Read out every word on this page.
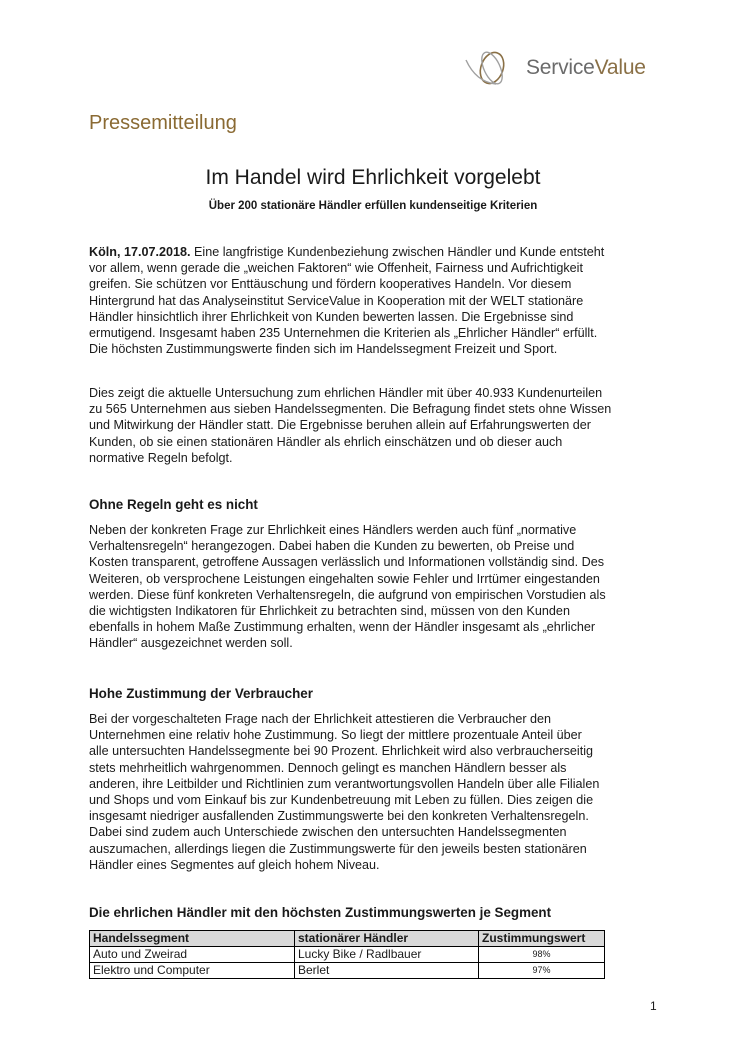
ServiceValue
Pressemitteilung
Im Handel wird Ehrlichkeit vorgelebt
Über 200 stationäre Händler erfüllen kundenseitige Kriterien
Köln, 17.07.2018. Eine langfristige Kundenbeziehung zwischen Händler und Kunde entsteht
vor allem, wenn gerade die „weichen Faktoren“ wie Offenheit, Fairness und Aufrichtigkeit
greifen. Sie schützen vor Enttäuschung und fördern kooperatives Handeln. Vor diesem
Hintergrund hat das Analyseinstitut ServiceValue in Kooperation mit der WELT stationäre
Händler hinsichtlich ihrer Ehrlichkeit von Kunden bewerten lassen. Die Ergebnisse sind
ermutigend. Insgesamt haben 235 Unternehmen die Kriterien als „Ehrlicher Händler“ erfüllt.
Die höchsten Zustimmungswerte finden sich im Handelssegment Freizeit und Sport.
Dies zeigt die aktuelle Untersuchung zum ehrlichen Händler mit über 40.933 Kundenurteilen
zu 565 Unternehmen aus sieben Handelssegmenten. Die Befragung findet stets ohne Wissen
und Mitwirkung der Händler statt. Die Ergebnisse beruhen allein auf Erfahrungswerten der
Kunden, ob sie einen stationären Händler als ehrlich einschätzen und ob dieser auch
normative Regeln befolgt.
Ohne Regeln geht es nicht
Neben der konkreten Frage zur Ehrlichkeit eines Händlers werden auch fünf „normative
Verhaltensregeln“ herangezogen. Dabei haben die Kunden zu bewerten, ob Preise und
Kosten transparent, getroffene Aussagen verlässlich und Informationen vollständig sind. Des
Weiteren, ob versprochene Leistungen eingehalten sowie Fehler und Irrtümer eingestanden
werden. Diese fünf konkreten Verhaltensregeln, die aufgrund von empirischen Vorstudien als
die wichtigsten Indikatoren für Ehrlichkeit zu betrachten sind, müssen von den Kunden
ebenfalls in hohem Maße Zustimmung erhalten, wenn der Händler insgesamt als „ehrlicher
Händler“ ausgezeichnet werden soll.
Hohe Zustimmung der Verbraucher
Bei der vorgeschalteten Frage nach der Ehrlichkeit attestieren die Verbraucher den
Unternehmen eine relativ hohe Zustimmung. So liegt der mittlere prozentuale Anteil über
alle untersuchten Handelssegmente bei 90 Prozent. Ehrlichkeit wird also verbraucherseitig
stets mehrheitlich wahrgenommen. Dennoch gelingt es manchen Händlern besser als
anderen, ihre Leitbilder und Richtlinien zum verantwortungsvollen Handeln über alle Filialen
und Shops und vom Einkauf bis zur Kundenbetreuung mit Leben zu füllen. Dies zeigen die
insgesamt niedriger ausfallenden Zustimmungswerte bei den konkreten Verhaltensregeln.
Dabei sind zudem auch Unterschiede zwischen den untersuchten Handelssegmenten
auszumachen, allerdings liegen die Zustimmungswerte für den jeweils besten stationären
Händler eines Segmentes auf gleich hohem Niveau.
Die ehrlichen Händler mit den höchsten Zustimmungswerten je Segment
Handelssegment	stationärer Händler	Zustimmungswert
Auto und Zweirad	Lucky Bike / Radlbauer	98%
Elektro und Computer	Berlet	97%
1
